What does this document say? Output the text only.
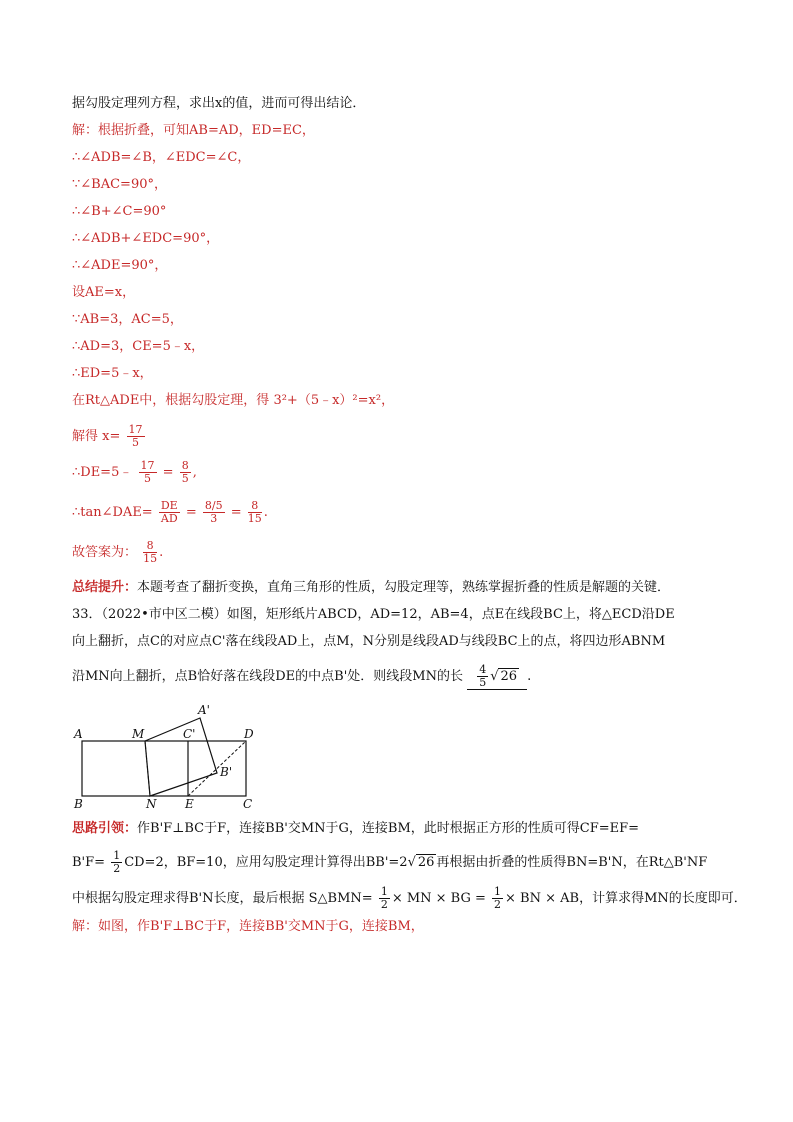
据勾股定理列方程，求出x的值，进而可得出结论．
解：根据折叠，可知AB=AD，ED=EC，
∴∠ADB=∠B，∠EDC=∠C，
∵∠BAC=90°，
∴∠B+∠C=90°
∴∠ADB+∠EDC=90°，
∴∠ADE=90°，
设AE=x，
∵AB=3，AC=5，
∴AD=3，CE=5﹣x，
∴ED=5﹣x，
在Rt△ADE中，根据勾股定理，得 3²+（5﹣x）²=x²，
解得 $x= \frac{17}{5}$
∴DE=5﹣ $\frac{17}{5} = \frac{8}{5}$ ,
∴tan∠DAE= $\frac{DE}{AD} = \frac{8/5}{3} = \frac{8}{15}$ .
故答案为： $\frac{8}{15}$ .
总结提升：本题考查了翻折变换，直角三角形的性质，勾股定理等，熟练掌握折叠的性质是解题的关键．
33．（2022•市中区二模）如图，矩形纸片ABCD，AD=12，AB=4，点E在线段BC上，将△ECD沿DE
向上翻折，点C的对应点C'落在线段AD上，点M，N分别是线段AD与线段BC上的点，将四边形ABNM
沿MN向上翻折，点B恰好落在线段DE的中点B'处．则线段MN的长 $\frac{4}{5}$ √ 26 .
A	M	C'	D
A'
B'
B	N E	C
思路引领：作B'F⊥BC于F，连接BB'交MN于G，连接BM，此时根据正方形的性质可得CF=EF=
$B'F= \frac{1}{2} CD=2$，BF=10，应用勾股定理计算得出BB'=2√ 26 再根据由折叠的性质得BN=B'N，在Rt△B'NF
中根据勾股定理求得B'N长度，最后根据 S△BMN= $\frac{1}{2}$ × MN × BG = $\frac{1}{2}$ × BN × AB，计算求得MN的长度即可．
解：如图，作B'F⊥BC于F，连接BB'交MN于G，连接BM，
